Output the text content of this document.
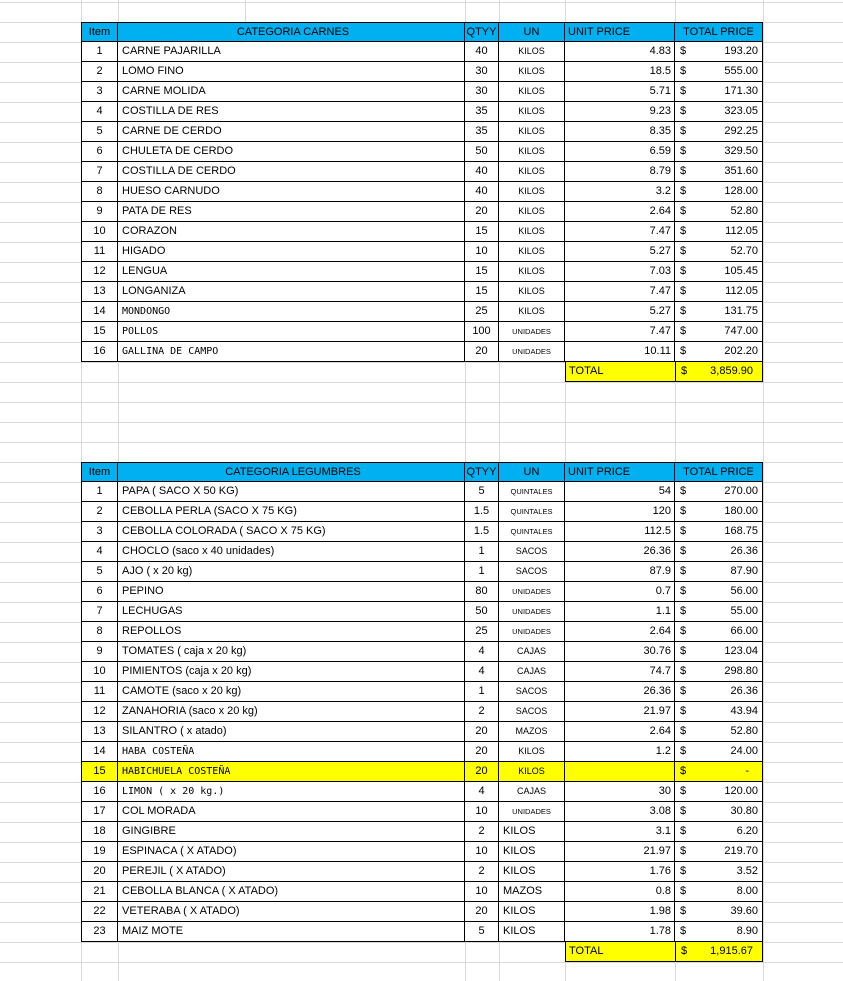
Item	CATEGORIA CARNES	QTYY	UN	UNIT PRICE	TOTAL PRICE
1	CARNE PAJARILLA	40	KILOS	4.83 $	193.20
2	LOMO FINO	30	KILOS	18.5 $	555.00
3	CARNE MOLIDA	30	KILOS	5.71 $	171.30
4	COSTILLA DE RES	35	KILOS	9.23 $	323.05
5	CARNE DE CERDO	35	KILOS	8.35 $	292.25
6	CHULETA DE CERDO	50	KILOS	6.59 $	329.50
7	COSTILLA DE CERDO	40	KILOS	8.79 $	351.60
8	HUESO CARNUDO	40	KILOS	3.2 $	128.00
9	PATA DE RES	20	KILOS	2.64 $	52.80
10	CORAZON	15	KILOS	7.47 $	112.05
11	HIGADO	10	KILOS	5.27 $	52.70
12	LENGUA	15	KILOS	7.03 $	105.45
13	LONGANIZA	15	KILOS	7.47 $	112.05
14	MONDONGO	25	KILOS	5.27 $	131.75
15	POLLOS	100	UNIDADES	7.47 $	747.00
16	GALLINA DE CAMPO	20	UNIDADES	10.11 $	202.20
TOTAL	$ 3,859.90
Item	CATEGORIA LEGUMBRES	QTYY	UN	UNIT PRICE	TOTAL PRICE
1	PAPA ( SACO X 50 KG)	5	QUINTALES	54 $	270.00
2	CEBOLLA PERLA (SACO X 75 KG)	1.5	QUINTALES	120 $	180.00
3	CEBOLLA COLORADA ( SACO X 75 KG)	1.5	QUINTALES	112.5 $	168.75
4	CHOCLO (saco x 40 unidades)	1	SACOS	26.36 $	26.36
5	AJO ( x 20 kg)	1	SACOS	87.9 $	87.90
6	PEPINO	80	UNIDADES	0.7 $	56.00
7	LECHUGAS	50	UNIDADES	1.1 $	55.00
8	REPOLLOS	25	UNIDADES	2.64 $	66.00
9	TOMATES ( caja x 20 kg)	4	CAJAS	30.76 $	123.04
10	PIMIENTOS (caja x 20 kg)	4	CAJAS	74.7 $	298.80
11	CAMOTE (saco x 20 kg)	1	SACOS	26.36 $	26.36
12	ZANAHORIA (saco x 20 kg)	2	SACOS	21.97 $	43.94
13	SILANTRO ( x atado)	20	MAZOS	2.64 $	52.80
14	HABA COSTEÑA	20	KILOS	1.2 $	24.00
15	HABICHUELA COSTEÑA	20	KILOS	$	-
16	LIMON ( x 20 kg.)	4	CAJAS	30 $	120.00
17	COL MORADA	10	UNIDADES	3.08 $	30.80
18	GINGIBRE	2	KILOS	3.1 $	6.20
19	ESPINACA ( X ATADO)	10	KILOS	21.97 $	219.70
20	PEREJIL ( X ATADO)	2	KILOS	1.76 $	3.52
21	CEBOLLA BLANCA ( X ATADO)	10	MAZOS	0.8 $	8.00
22	VETERABA ( X ATADO)	20	KILOS	1.98 $	39.60
23	MAIZ MOTE	5	KILOS	1.78 $	8.90
TOTAL	$ 1,915.67
